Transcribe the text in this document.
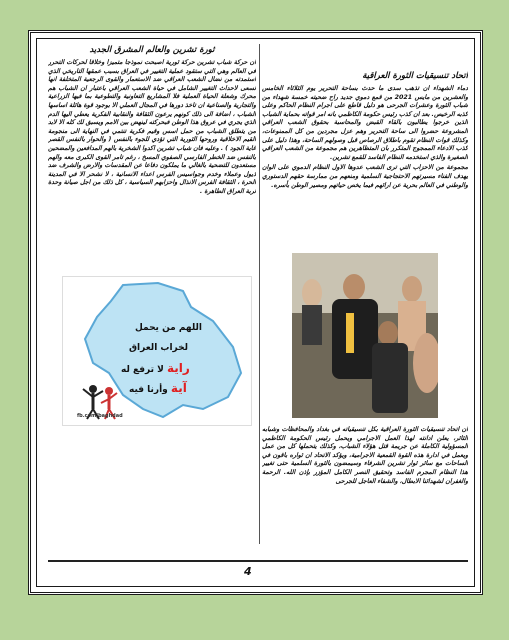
ثورة تشرين والعالم المشرق الجديد

ان حركة شباب تشرين حركة ثورية اصبحت نموذجا متميزا وخلاقا لحركات التحرر في العالم وهي التي ستقود عملية التغيير في العراق بسبب عمقها التاريخي الذي استمدته من نضال الشعب العراقي ضد الاستعمار والقوى الرجعية المتخلفة انها تسعى لاحداث التغيير الشامل في حياة الشعب العراقي باعتبار ان الشباب هم محرك وشعلة الحياة العملية فلا المشاريع التعاونية والتطوعية بما فيها الزراعية والتجارية والصناعية ان تاخذ دورها في المجال العملي الا بوجود قوة هائلة اساسها الشباب ، اضافة الى ذلك كونهم يرعون الثقافة والنقابية الفكرية يعطي اليها الدم الذي يجري في عروق هذا الوطن فبحركته لينهض بين الامم ويسبق لك كله الا لابد من يتطلق الشباب من حمل اسس وقيم فكرية تنتمي في النهاية الى منجومة القيم الاخلاقية وروحها الثورية التي تؤدي للجوء بالنفس ( والحوار بالنفس القصر غاية الجود ) . وعليه فان شباب تشرين اكدوا الشخرية بالهم المدافعين والمضحين بالنفس ضد الخطر الفارسي الصفوي المسخ ، رغم تامر القوى الكبرى معه والهم مستعدون للتضحية بالغالي ما يملكون دفاعا عن المقدسات والارض والشرف ضد ذيول وعملاء وخدم وجواسيس الفرس اعداء الانسانية ، لا نشحر الا في المدينة الحرة ، الثقافة الفرس الانذال واحزابهم السياسية ، كل ذلك من اجل صيانة وحدة تربة العراق الطاهرة .

اللهم من يحمل
لخراب العراق
راية لا ترفع له
آية وأرنا فيه
fb.com/baghdad

اتحاد تنسيقيات الثورة العراقية

دماء الشهداء ان تذهب سدى ما حدث بساحة التحرير يوم الثلاثاء الخامس والعشرين من مايس 2021 من قمع دموي جديد راح ضحيته خمسة شهداء من شباب الثورة وعشرات الجرحى هو دليل قاطع على اجرام النظام الحاكم وعلى كذبه الرخيص. بعد ان كذب رئيس حكومة الكاظمي بانه امر قواته بحماية الشباب الذين خرجوا يطالبون بالقاء القبض والمحاسبة بحقوق الشعب العراقي المشروعة حضروا الى ساحة التحرير وهم عزل مجردين من كل الممنوعات، وكذلك قوات النظام تقوم باطلاق الرصاص قبل وصولهم الساحة، وهذا دليل على كذب الادعاء الممجوج المتكرر بان المتظاهرين هم مجموعة من الشعب العراقي الصغيرة والذي استخدمه النظام الفاسد للقمع تشرين.

مجموعة من الاحزاب التي ترى الشعب عدوها الاول النظام الدموي على الوان يهدف الفناء مسيرتهم الاحتجاجية السلمية ومنعهم من ممارسة حقهم الدستوري والوطني في العالم بحرية عن ارائهم فيما يخص حياتهم ومصير الوطن بأسره.

ان اتحاد تنسيقيات الثورة العراقية بكل تنسيقياته في بغداد والمحافظات وشبابه الثائر، يعلن ادانته لهذا العمل الاجرامي ويحمل رئيس الحكومة الكاظمي المسؤولية الكاملة عن جريمة قتل هؤلاء الشباب، وكذلك يتحملها كل من عمل ويعمل في ادارة هذه القوة القمعية الاجرامية، ويؤكد الاتحاد ان ثواره باقون في الساحات مع سائر ثوار تشرين الشرفاء وسيمضون بالثورة السلمية حتى تغيير هذا النظام المجرم الفاسد وتحقيق النصر الكامل المؤزر بإذن الله. الرحمة والغفران لشهدائنا الابطال، والشفاء العاجل للجرحى

4
